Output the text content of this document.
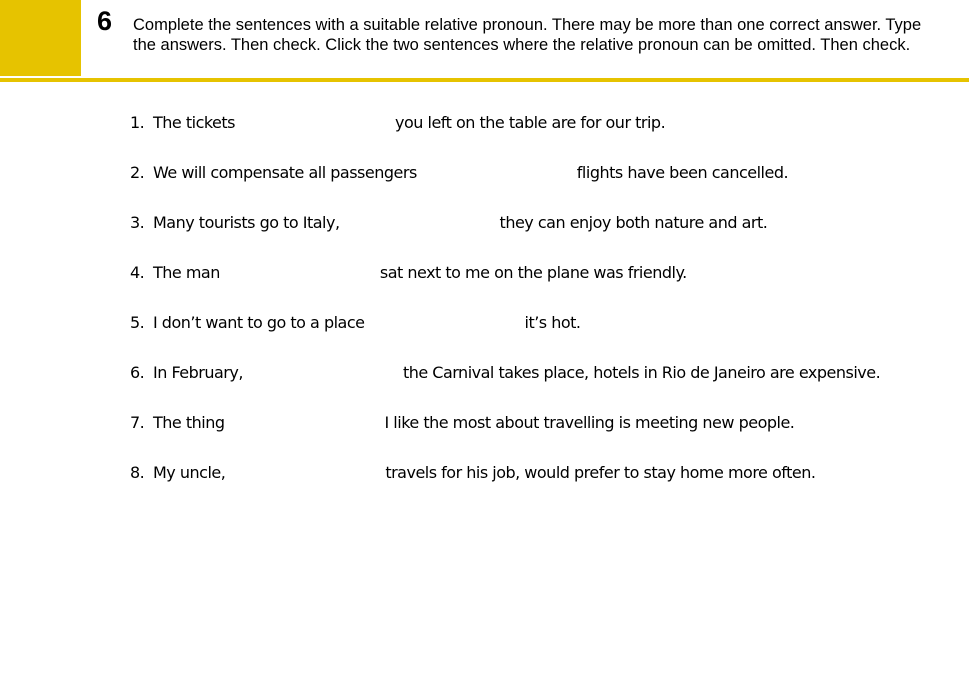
6 Complete the sentences with a suitable relative pronoun. There may be more than one correct answer. Type the answers. Then check. Click the two sentences where the relative pronoun can be omitted. Then check.
1. The tickets	you left on the table are for our trip.
2. We will compensate all passengers	flights have been cancelled.
3. Many tourists go to Italy,	they can enjoy both nature and art.
4. The man	sat next to me on the plane was friendly.
5. I don’t want to go to a place	it’s hot.
6. In February,	the Carnival takes place, hotels in Rio de Janeiro are expensive.
7. The thing	I like the most about travelling is meeting new people.
8. My uncle,	travels for his job, would prefer to stay home more often.
